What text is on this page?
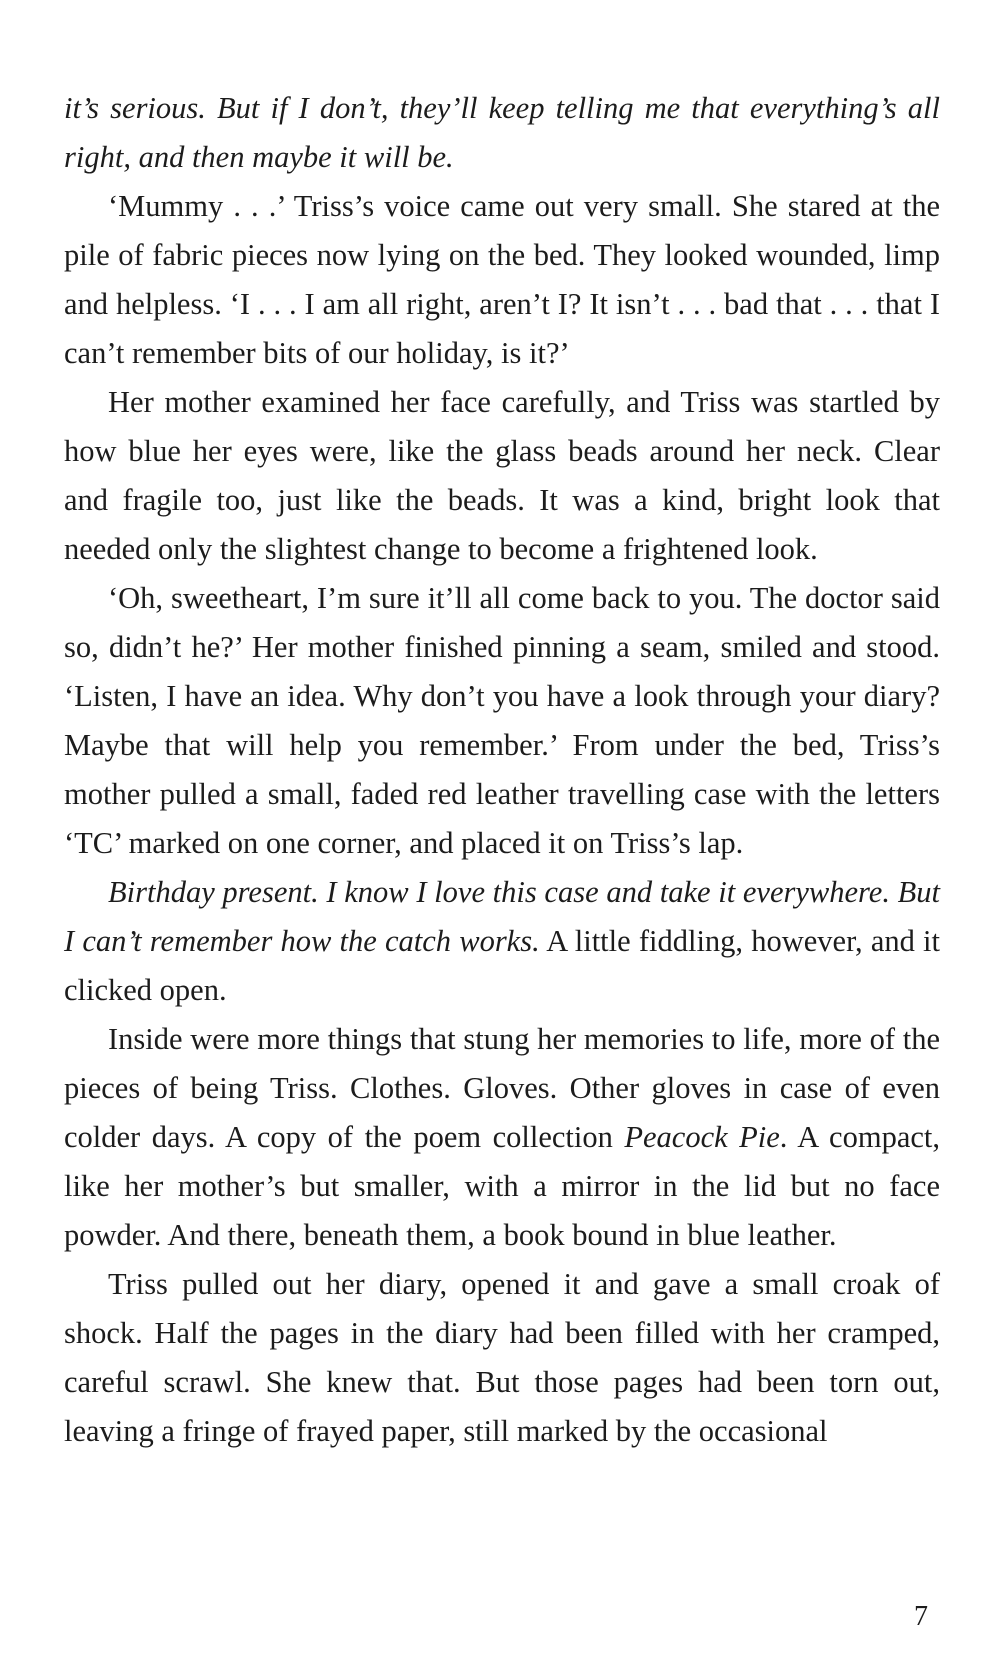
it’s serious. But if I don’t, they’ll keep telling me that everything’s all right, and then maybe it will be.

‘Mummy . . .’ Triss’s voice came out very small. She stared at the pile of fabric pieces now lying on the bed. They looked wounded, limp and helpless. ‘I . . . I am all right, aren’t I? It isn’t . . . bad that . . . that I can’t remember bits of our holiday, is it?’

Her mother examined her face carefully, and Triss was startled by how blue her eyes were, like the glass beads around her neck. Clear and fragile too, just like the beads. It was a kind, bright look that needed only the slightest change to become a frightened look.

‘Oh, sweetheart, I’m sure it’ll all come back to you. The doctor said so, didn’t he?’ Her mother finished pinning a seam, smiled and stood. ‘Listen, I have an idea. Why don’t you have a look through your diary? Maybe that will help you remember.’ From under the bed, Triss’s mother pulled a small, faded red leather travelling case with the letters ‘TC’ marked on one corner, and placed it on Triss’s lap.

Birthday present. I know I love this case and take it everywhere. But I can’t remember how the catch works. A little fiddling, however, and it clicked open.

Inside were more things that stung her memories to life, more of the pieces of being Triss. Clothes. Gloves. Other gloves in case of even colder days. A copy of the poem collection Peacock Pie. A compact, like her mother’s but smaller, with a mirror in the lid but no face powder. And there, beneath them, a book bound in blue leather.

Triss pulled out her diary, opened it and gave a small croak of shock. Half the pages in the diary had been filled with her cramped, careful scrawl. She knew that. But those pages had been torn out, leaving a fringe of frayed paper, still marked by the occasional

7
